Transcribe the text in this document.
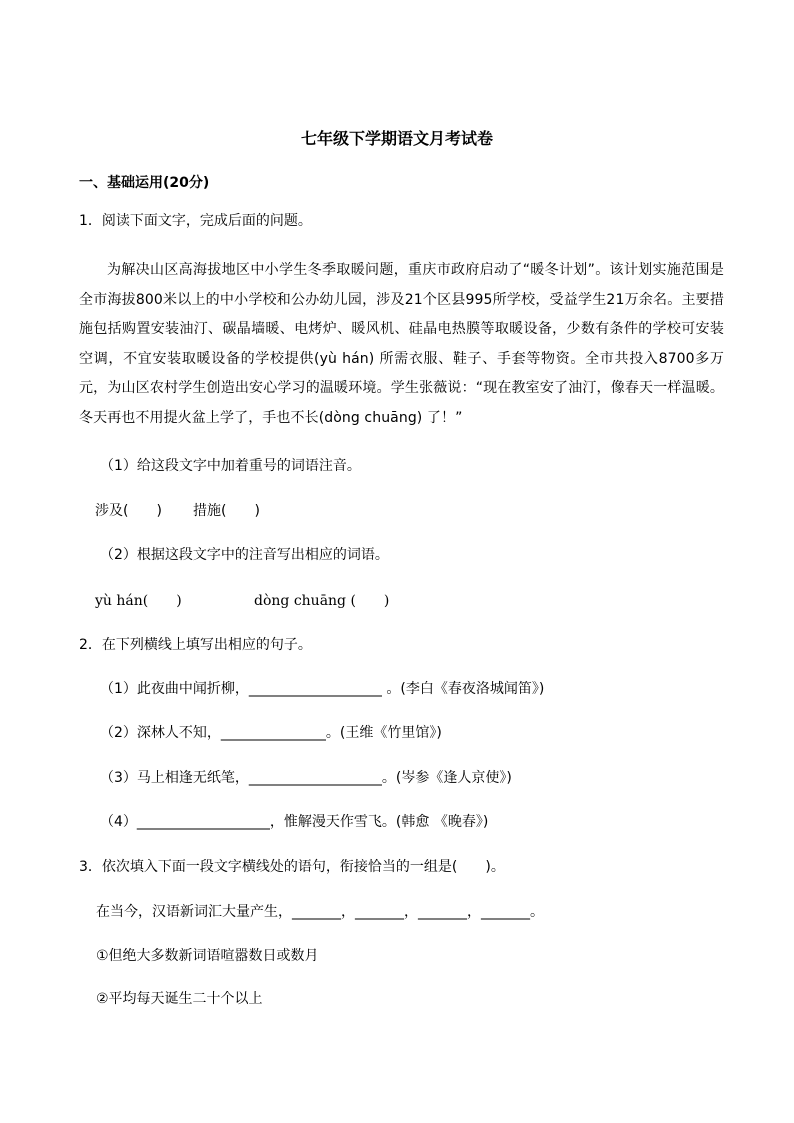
七年级下学期语文月考试卷
一、基础运用(20分)
1．阅读下面文字，完成后面的问题。
为解决山区高海拔地区中小学生冬季取暖问题，重庆市政府启动了“暖冬计划”。该计划实施范围是全市海拔800米以上的中小学校和公办幼儿园，涉及21个区县995所学校，受益学生21万余名。主要措施包括购置安装油汀、碳晶墙暖、电烤炉、暖风机、硅晶电热膜等取暖设备，少数有条件的学校可安装空调，不宜安装取暖设备的学校提供(yù hán) 所需衣服、鞋子、手套等物资。全市共投入8700多万元，为山区农村学生创造出安心学习的温暖环境。学生张薇说：“现在教室安了油汀，像春天一样温暖。冬天再也不用提火盆上学了，手也不长(dòng chuāng) 了！”
（1）给这段文字中加着重号的词语注音。
涉及(　　) 措施(　　)
（2）根据这段文字中的注音写出相应的词语。
yù hán(　　)	dòng chuāng (　　)
2．在下列横线上填写出相应的句子。
（1）此夜曲中闻折柳，___________________ 。(李白《春夜洛城闻笛》)
（2）深林人不知，_______________。(王维《竹里馆》)
（3）马上相逢无纸笔，___________________。(岑参《逢人京使》)
（4）___________________，惟解漫天作雪飞。(韩愈 《晚春》)
3．依次填入下面一段文字横线处的语句，衔接恰当的一组是(　　)。
在当今，汉语新词汇大量产生，_______，_______，_______，_______。
①但绝大多数新词语喧嚣数日或数月
②平均每天诞生二十个以上
